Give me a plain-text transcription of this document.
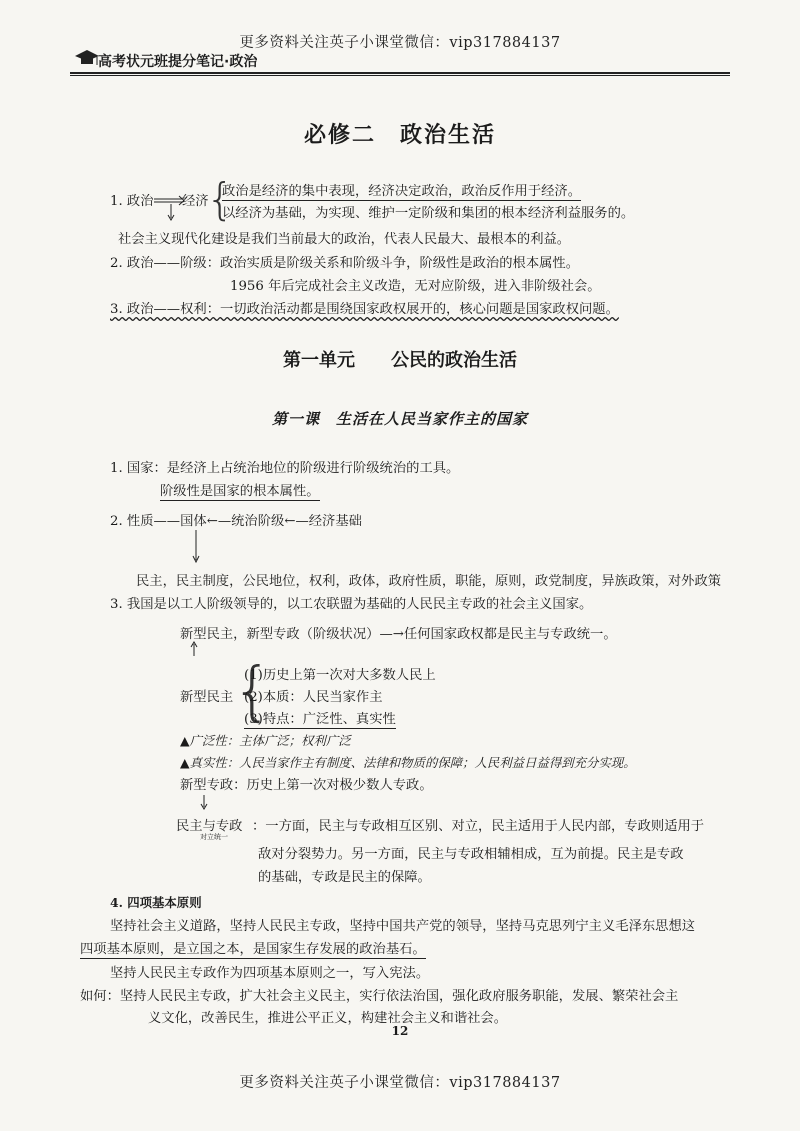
更多资料关注英子小课堂微信：vip317884137
高考状元班提分笔记·政治
必修二　政治生活
1. 政治 经济
{
政治是经济的集中表现，经济决定政治，政治反作用于经济。
以经济为基础，为实现、维护一定阶级和集团的根本经济利益服务的。
社会主义现代化建设是我们当前最大的政治，代表人民最大、最根本的利益。
2. 政治——阶级：政治实质是阶级关系和阶级斗争，阶级性是政治的根本属性。
1956 年后完成社会主义改造，无对应阶级，进入非阶级社会。
3. 政治——权利：一切政治活动都是围绕国家政权展开的，核心问题是国家政权问题。
第一单元　　公民的政治生活
第一课　生活在人民当家作主的国家
1. 国家：是经济上占统治地位的阶级进行阶级统治的工具。
阶级性是国家的根本属性。
2. 性质——国体←—统治阶级←—经济基础
民主，民主制度，公民地位，权利，政体，政府性质，职能，原则，政党制度，异族政策，对外政策
3. 我国是以工人阶级领导的，以工农联盟为基础的人民民主专政的社会主义国家。
新型民主，新型专政（阶级状况）—→任何国家政权都是民主与专政统一。
新型民主
{
(1)历史上第一次对大多数人民上
(2)本质：人民当家作主
(3)特点：广泛性、真实性
▲广泛性：主体广泛；权利广泛
▲真实性：人民当家作主有制度、法律和物质的保障；人民利益日益得到充分实现。
新型专政：历史上第一次对极少数人专政。
民主与专政
对立统一
：一方面，民主与专政相互区别、对立，民主适用于人民内部，专政则适用于
敌对分裂势力。另一方面，民主与专政相辅相成，互为前提。民主是专政
的基础，专政是民主的保障。
4. 四项基本原则
坚持社会主义道路，坚持人民民主专政，坚持中国共产党的领导，坚持马克思列宁主义毛泽东思想这
四项基本原则，是立国之本，是国家生存发展的政治基石。
坚持人民民主专政作为四项基本原则之一，写入宪法。
如何：坚持人民民主专政，扩大社会主义民主，实行依法治国，强化政府服务职能，发展、繁荣社会主
义文化，改善民生，推进公平正义，构建社会主义和谐社会。
12
更多资料关注英子小课堂微信：vip317884137
